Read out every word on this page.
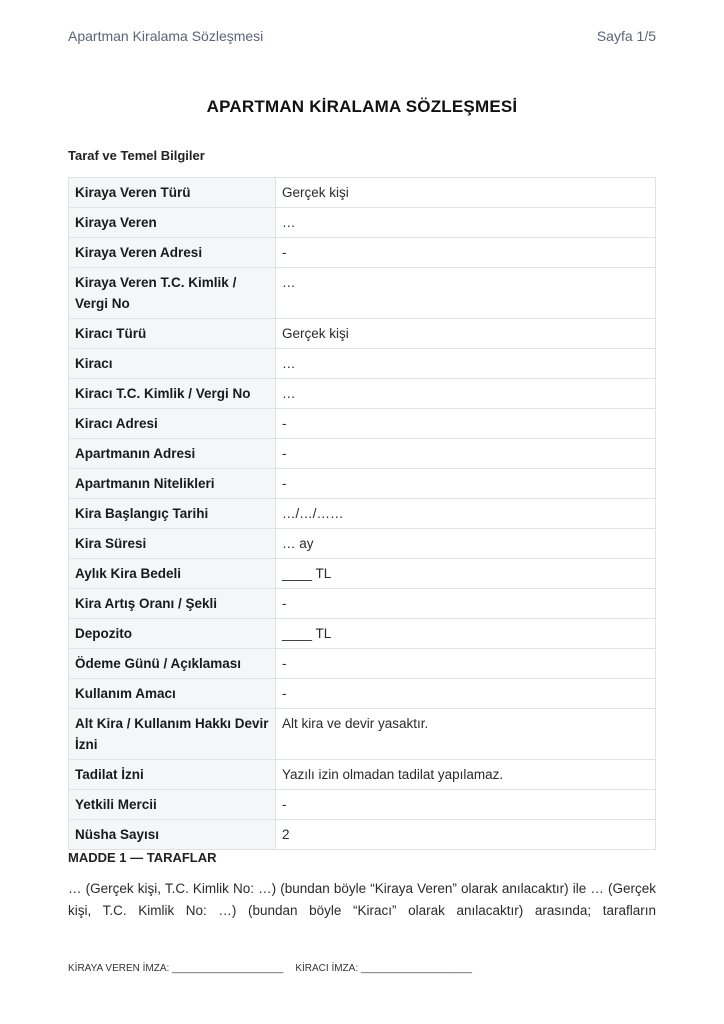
Apartman Kiralama Sözleşmesi	Sayfa 1/5
APARTMAN KİRALAMA SÖZLEŞMESİ
Taraf ve Temel Bilgiler
Kiraya Veren Türü	Gerçek kişi
Kiraya Veren	…
Kiraya Veren Adresi	-
Kiraya Veren T.C. Kimlik / Vergi No	…
Kiracı Türü	Gerçek kişi
Kiracı	…
Kiracı T.C. Kimlik / Vergi No	…
Kiracı Adresi	-
Apartmanın Adresi	-
Apartmanın Nitelikleri	-
Kira Başlangıç Tarihi	…/…/……
Kira Süresi	… ay
Aylık Kira Bedeli	____ TL
Kira Artış Oranı / Şekli	-
Depozito	____ TL
Ödeme Günü / Açıklaması	-
Kullanım Amacı	-
Alt Kira / Kullanım Hakkı Devir İzni	Alt kira ve devir yasaktır.
Tadilat İzni	Yazılı izin olmadan tadilat yapılamaz.
Yetkili Mercii	-
Nüsha Sayısı	2
MADDE 1 — TARAFLAR
… (Gerçek kişi, T.C. Kimlik No: …) (bundan böyle “Kiraya Veren” olarak anılacaktır) ile … (Gerçek kişi, T.C. Kimlik No: …) (bundan böyle “Kiracı” olarak anılacaktır) arasında; tarafların
KİRAYA VEREN İMZA: ____________________ KİRACI İMZA: ____________________
